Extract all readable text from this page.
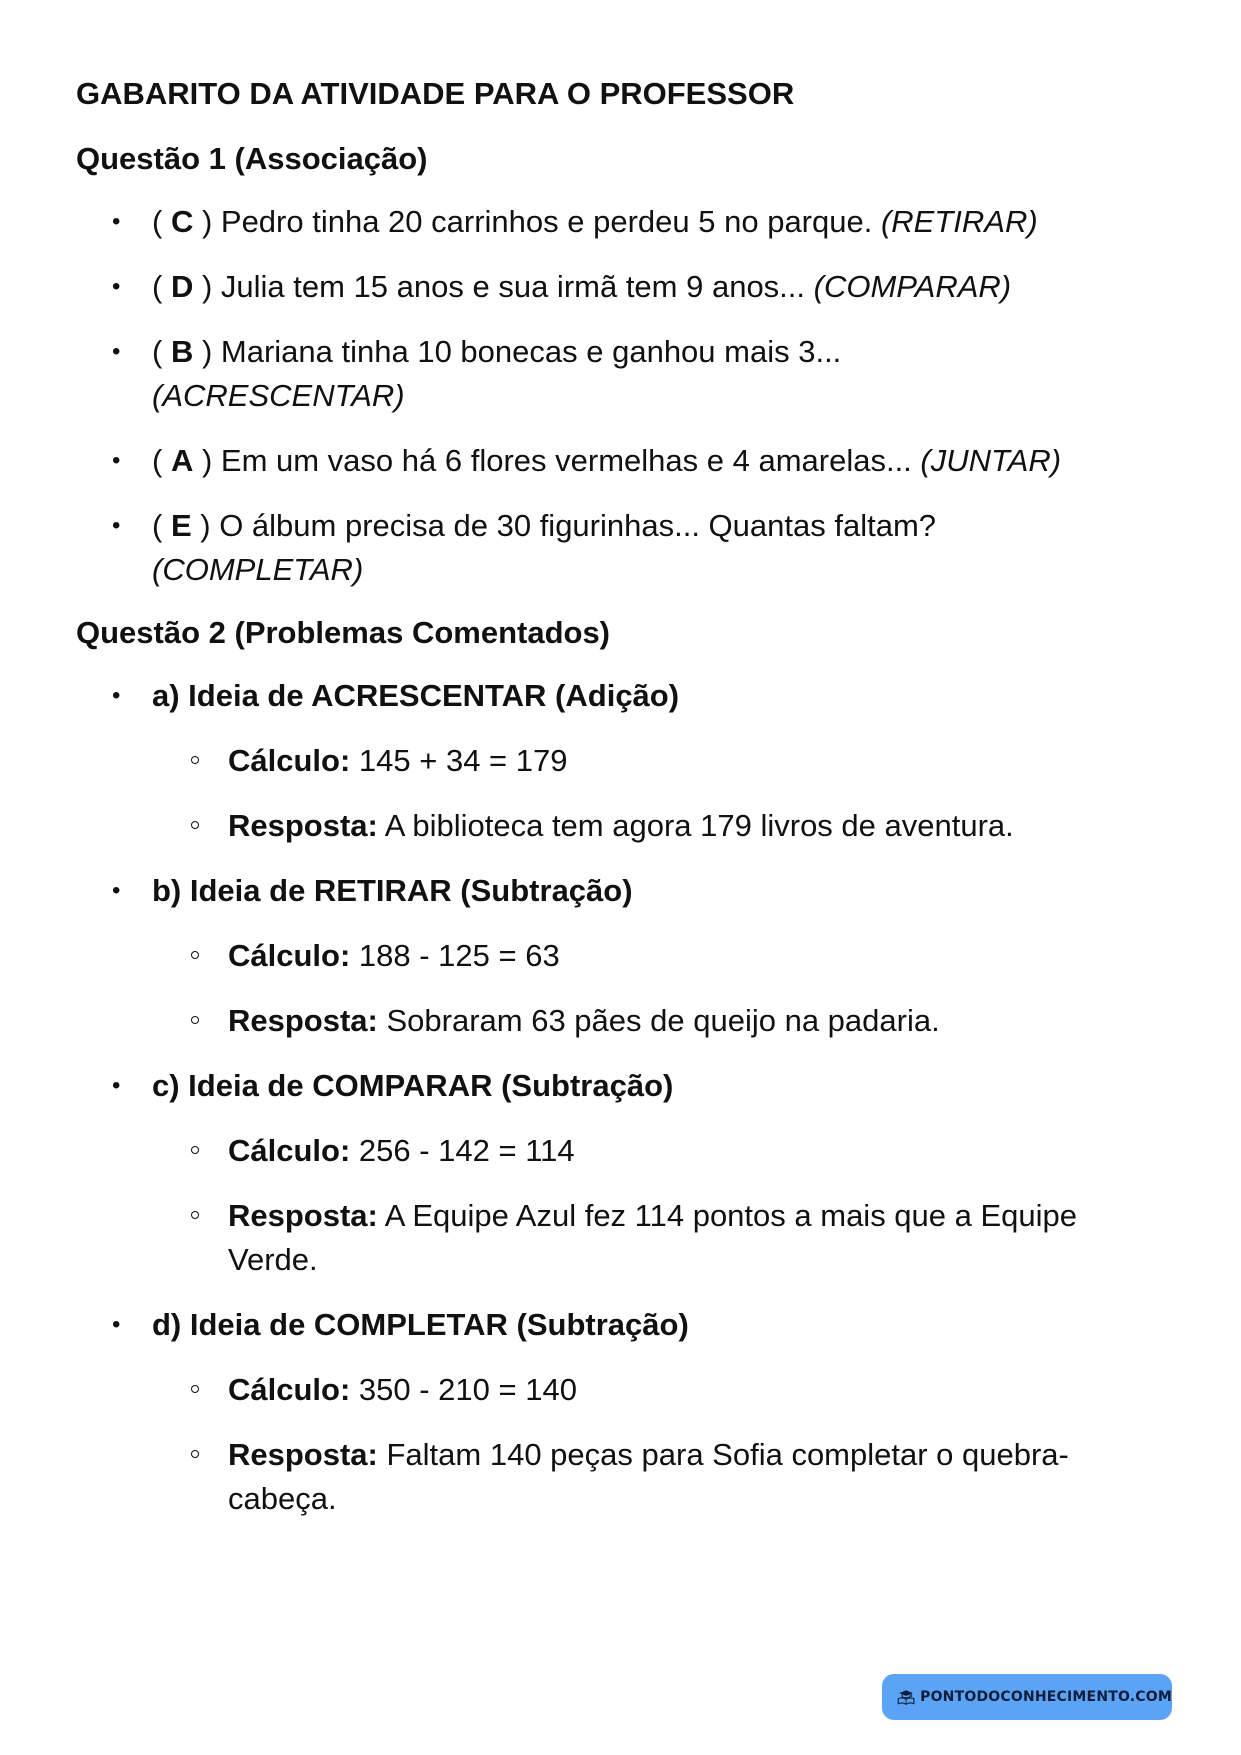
GABARITO DA ATIVIDADE PARA O PROFESSOR
Questão 1 (Associação)
• ( C ) Pedro tinha 20 carrinhos e perdeu 5 no parque. (RETIRAR)
• ( D ) Julia tem 15 anos e sua irmã tem 9 anos... (COMPARAR)
• ( B ) Mariana tinha 10 bonecas e ganhou mais 3...
(ACRESCENTAR)
• ( A ) Em um vaso há 6 flores vermelhas e 4 amarelas... (JUNTAR)
• ( E ) O álbum precisa de 30 figurinhas... Quantas faltam?
(COMPLETAR)
Questão 2 (Problemas Comentados)
• a) Ideia de ACRESCENTAR (Adição)
Cálculo: 145 + 34 = 179
Resposta: A biblioteca tem agora 179 livros de aventura.
• b) Ideia de RETIRAR (Subtração)
Cálculo: 188 - 125 = 63
Resposta: Sobraram 63 pães de queijo na padaria.
• c) Ideia de COMPARAR (Subtração)
Cálculo: 256 - 142 = 114
Resposta: A Equipe Azul fez 114 pontos a mais que a Equipe Verde.
• d) Ideia de COMPLETAR (Subtração)
Cálculo: 350 - 210 = 140
Resposta: Faltam 140 peças para Sofia completar o quebra-cabeça.
PONTODOCONHECIMENTO.COM
